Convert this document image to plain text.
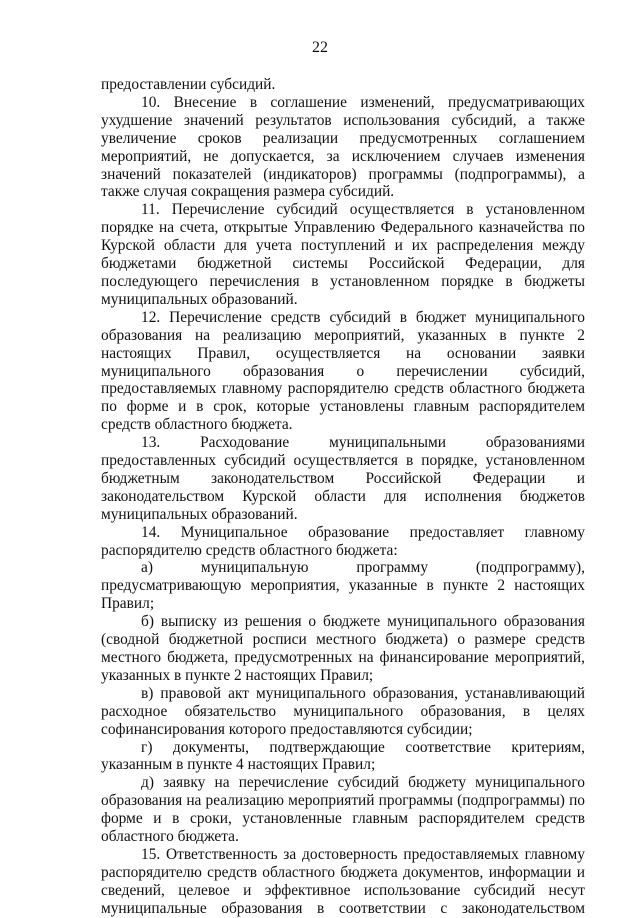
22

предоставлении субсидий.

10. Внесение в соглашение изменений, предусматривающих ухудшение значений результатов использования субсидий, а также увеличение сроков реализации предусмотренных соглашением мероприятий, не допускается, за исключением случаев изменения значений показателей (индикаторов) программы (подпрограммы), а также случая сокращения размера субсидий.

11. Перечисление субсидий осуществляется в установленном порядке на счета, открытые Управлению Федерального казначейства по Курской области для учета поступлений и их распределения между бюджетами бюджетной системы Российской Федерации, для последующего перечисления в установленном порядке в бюджеты муниципальных образований.

12. Перечисление средств субсидий в бюджет муниципального образования на реализацию мероприятий, указанных в пункте 2 настоящих Правил, осуществляется на основании заявки муниципального образования о перечислении субсидий, предоставляемых главному распорядителю средств областного бюджета по форме и в срок, которые установлены главным распорядителем средств областного бюджета.

13. Расходование муниципальными образованиями предоставленных субсидий осуществляется в порядке, установленном бюджетным законодательством Российской Федерации и законодательством Курской области для исполнения бюджетов муниципальных образований.

14. Муниципальное образование предоставляет главному распорядителю средств областного бюджета:

а) муниципальную программу (подпрограмму), предусматривающую мероприятия, указанные в пункте 2 настоящих Правил;

б) выписку из решения о бюджете муниципального образования (сводной бюджетной росписи местного бюджета) о размере средств местного бюджета, предусмотренных на финансирование мероприятий, указанных в пункте 2 настоящих Правил;

в) правовой акт муниципального образования, устанавливающий расходное обязательство муниципального образования, в целях софинансирования которого предоставляются субсидии;

г) документы, подтверждающие соответствие критериям, указанным в пункте 4 настоящих Правил;

д) заявку на перечисление субсидий бюджету муниципального образования на реализацию мероприятий программы (подпрограммы) по форме и в сроки, установленные главным распорядителем средств областного бюджета.

15. Ответственность за достоверность предоставляемых главному распорядителю средств областного бюджета документов, информации и сведений, целевое и эффективное использование субсидий несут муниципальные образования в соответствии с законодательством
